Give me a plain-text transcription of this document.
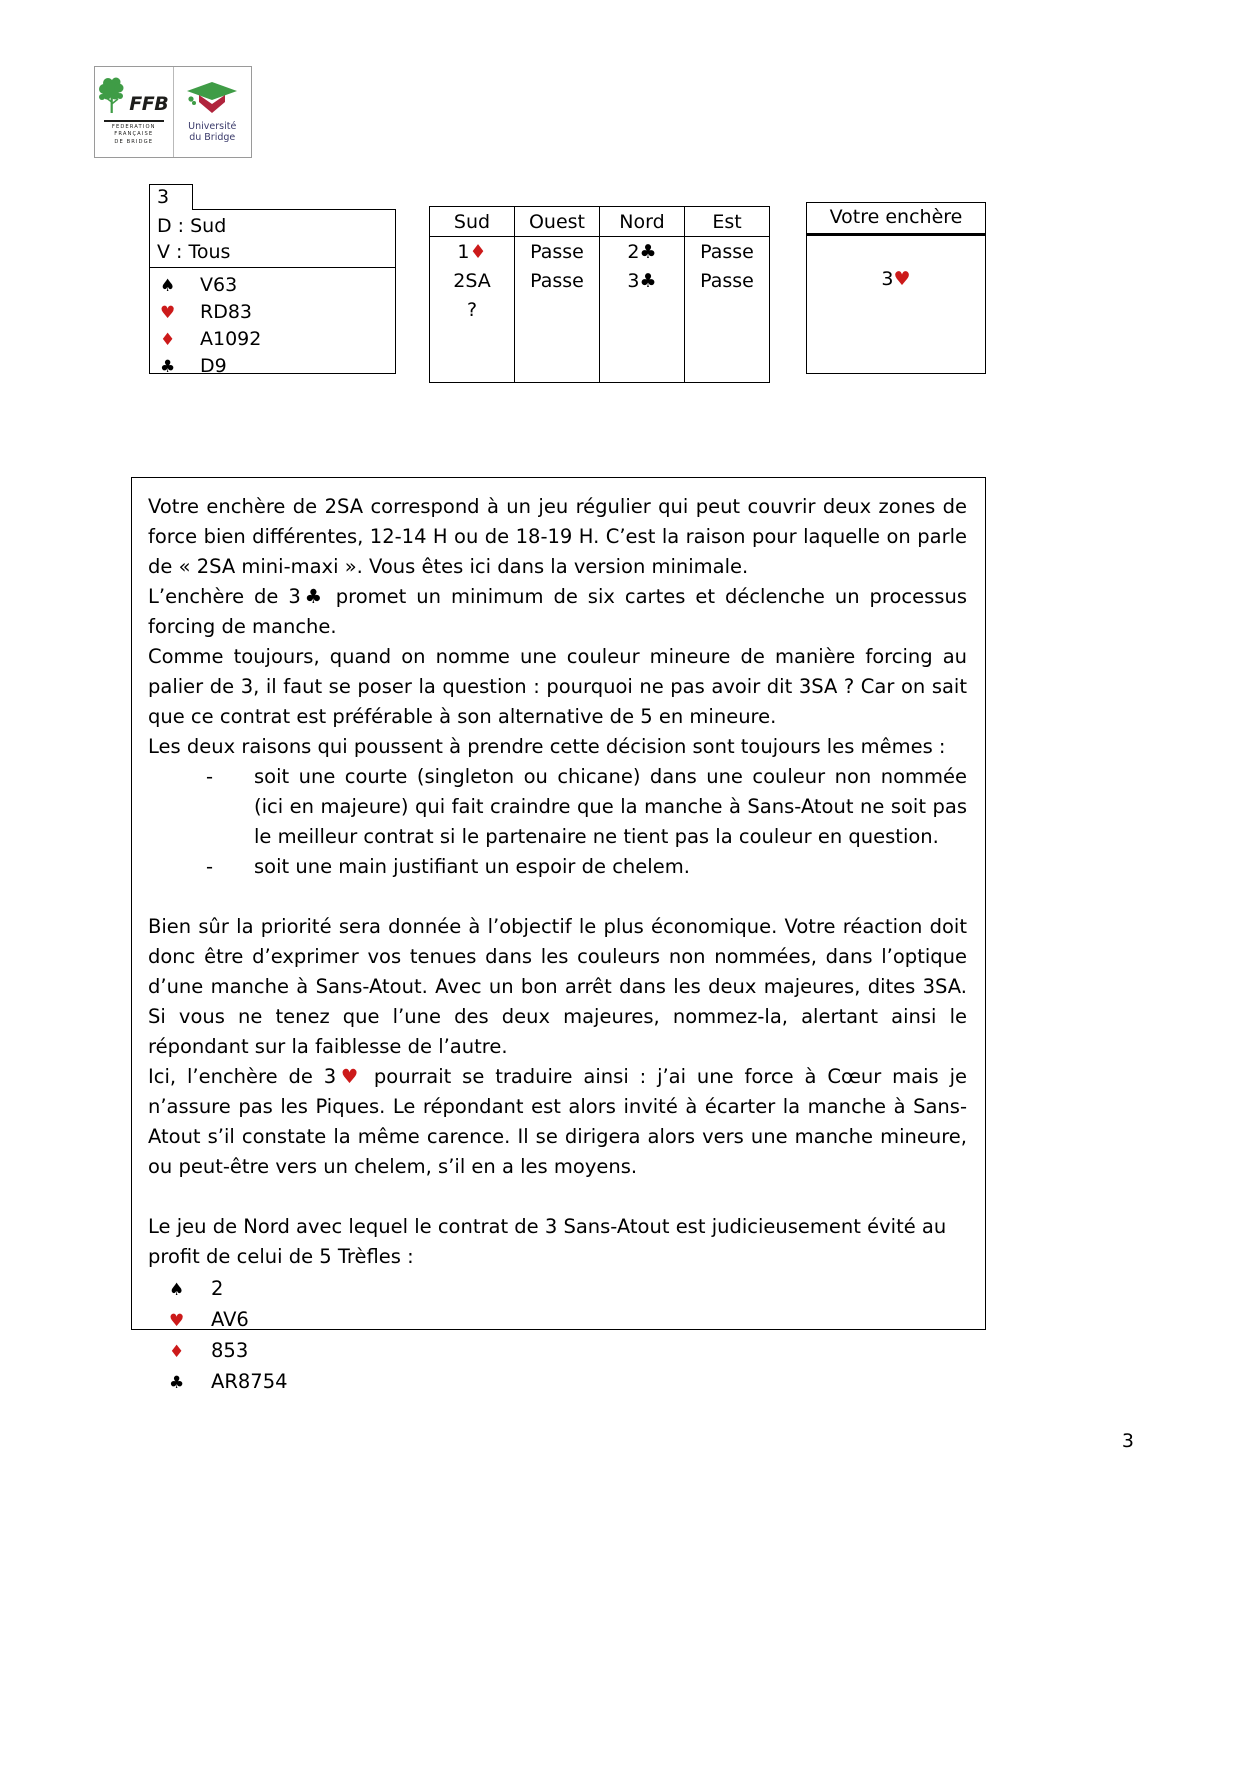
FFB
FEDERATION
FRANÇAISE
DE BRIDGE
Université
du Bridge
3
D : Sud
V : Tous
♠	V63
♥	RD83
♦	A1092
♣	D9
Sud	Ouest	Nord	Est
1♦	Passe	2♣	Passe
2SA	Passe	3♣	Passe
?			

Votre enchère
3♥

Votre enchère de 2SA correspond à un jeu régulier qui peut couvrir deux zones de force bien différentes, 12-14 H ou de 18-19 H. C’est la raison pour laquelle on parle de « 2SA mini-maxi ». Vous êtes ici dans la version minimale.

L’enchère de 3♣ promet un minimum de six cartes et déclenche un processus forcing de manche.

Comme toujours, quand on nomme une couleur mineure de manière forcing au palier de 3, il faut se poser la question : pourquoi ne pas avoir dit 3SA ? Car on sait que ce contrat est préférable à son alternative de 5 en mineure.

Les deux raisons qui poussent à prendre cette décision sont toujours les mêmes :

- soit une courte (singleton ou chicane) dans une couleur non nommée (ici en majeure) qui fait craindre que la manche à Sans-Atout ne soit pas le meilleur contrat si le partenaire ne tient pas la couleur en question.
- soit une main justifiant un espoir de chelem.

Bien sûr la priorité sera donnée à l’objectif le plus économique. Votre réaction doit donc être d’exprimer vos tenues dans les couleurs non nommées, dans l’optique d’une manche à Sans-Atout. Avec un bon arrêt dans les deux majeures, dites 3SA. Si vous ne tenez que l’une des deux majeures, nommez-la, alertant ainsi le répondant sur la faiblesse de l’autre.

Ici, l’enchère de 3♥ pourrait se traduire ainsi : j’ai une force à Cœur mais je n’assure pas les Piques. Le répondant est alors invité à écarter la manche à Sans-Atout s’il constate la même carence. Il se dirigera alors vers une manche mineure, ou peut-être vers un chelem, s’il en a les moyens.

Le jeu de Nord avec lequel le contrat de 3 Sans-Atout est judicieusement évité au profit de celui de 5 Trèfles :

♠	2
♥	AV6
♦	853
♣	AR8754
3
